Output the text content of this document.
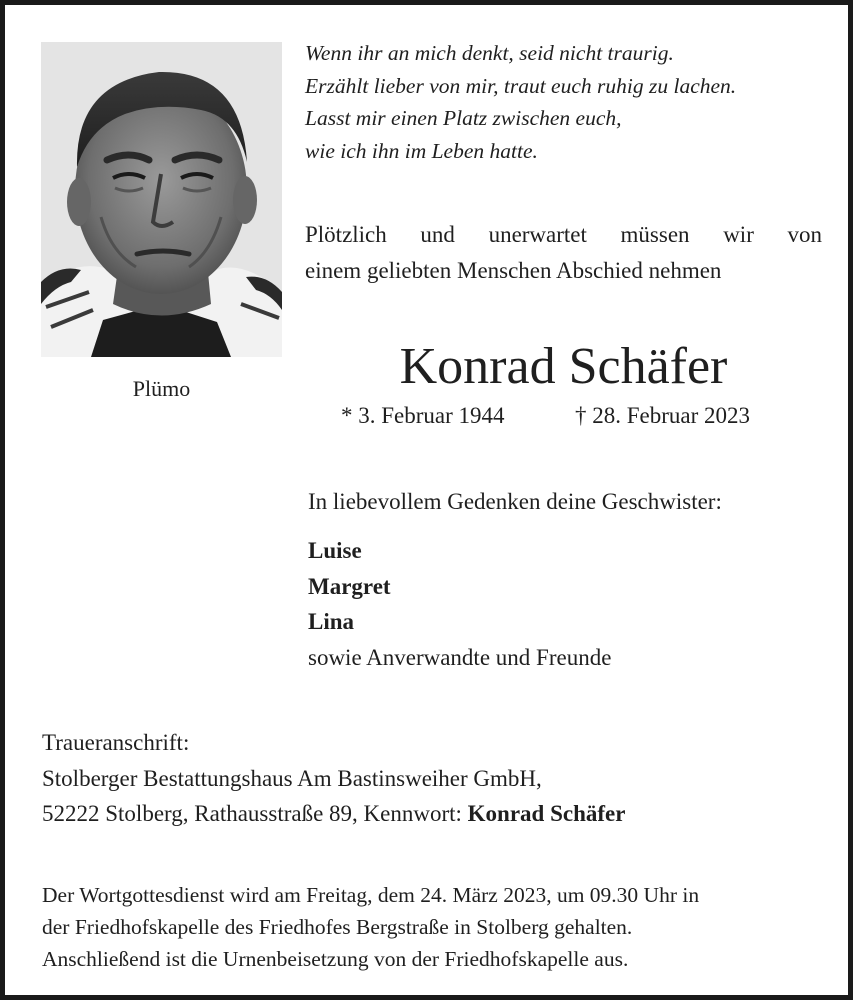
Plümo
Wenn ihr an mich denkt, seid nicht traurig.
Erzählt lieber von mir, traut euch ruhig zu lachen.
Lasst mir einen Platz zwischen euch,
wie ich ihn im Leben hatte.
Plötzlich und unerwartet müssen wir von
einem geliebten Menschen Abschied nehmen
Konrad Schäfer
* 3. Februar 1944	† 28. Februar 2023
In liebevollem Gedenken deine Geschwister:
Luise
Margret
Lina
sowie Anverwandte und Freunde
Traueranschrift:
Stolberger Bestattungshaus Am Bastinsweiher GmbH,
52222 Stolberg, Rathausstraße 89, Kennwort: Konrad Schäfer
Der Wortgottesdienst wird am Freitag, dem 24. März 2023, um 09.30 Uhr in
der Friedhofskapelle des Friedhofes Bergstraße in Stolberg gehalten.
Anschließend ist die Urnenbeisetzung von der Friedhofskapelle aus.
